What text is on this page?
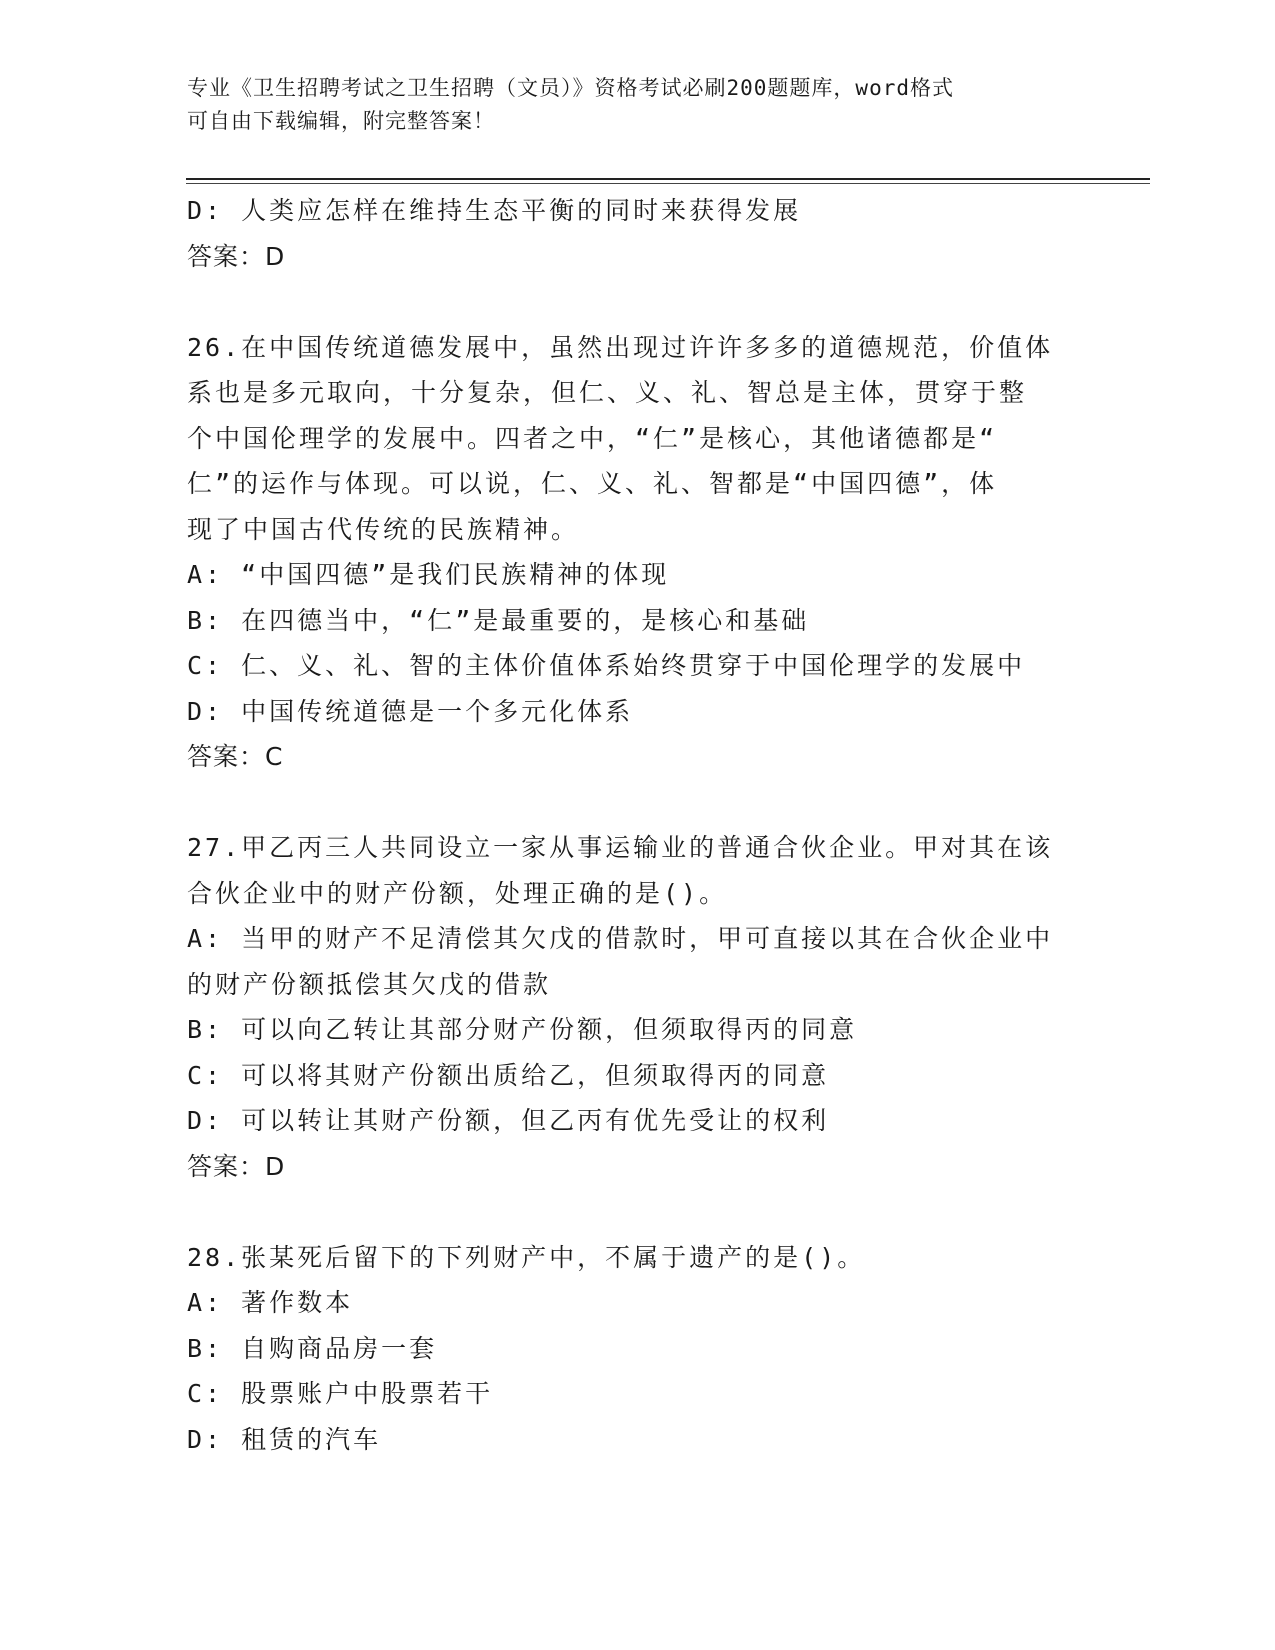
专业《卫生招聘考试之卫生招聘（文员）》资格考试必刷200题题库，word格式
可自由下载编辑，附完整答案！
D: 人类应怎样在维持生态平衡的同时来获得发展
答案：D
26.在中国传统道德发展中，虽然出现过许许多多的道德规范，价值体
系也是多元取向，十分复杂，但仁、义、礼、智总是主体，贯穿于整
个中国伦理学的发展中。四者之中，“仁”是核心，其他诸德都是“
仁”的运作与体现。可以说，仁、义、礼、智都是“中国四德”，体
现了中国古代传统的民族精神。
A: “中国四德”是我们民族精神的体现
B: 在四德当中，“仁”是最重要的，是核心和基础
C: 仁、义、礼、智的主体价值体系始终贯穿于中国伦理学的发展中
D: 中国传统道德是一个多元化体系
答案：C
27.甲乙丙三人共同设立一家从事运输业的普通合伙企业。甲对其在该
合伙企业中的财产份额，处理正确的是()。
A: 当甲的财产不足清偿其欠戊的借款时，甲可直接以其在合伙企业中
的财产份额抵偿其欠戊的借款
B: 可以向乙转让其部分财产份额，但须取得丙的同意
C: 可以将其财产份额出质给乙，但须取得丙的同意
D: 可以转让其财产份额，但乙丙有优先受让的权利
答案：D
28.张某死后留下的下列财产中，不属于遗产的是()。
A: 著作数本
B: 自购商品房一套
C: 股票账户中股票若干
D: 租赁的汽车
